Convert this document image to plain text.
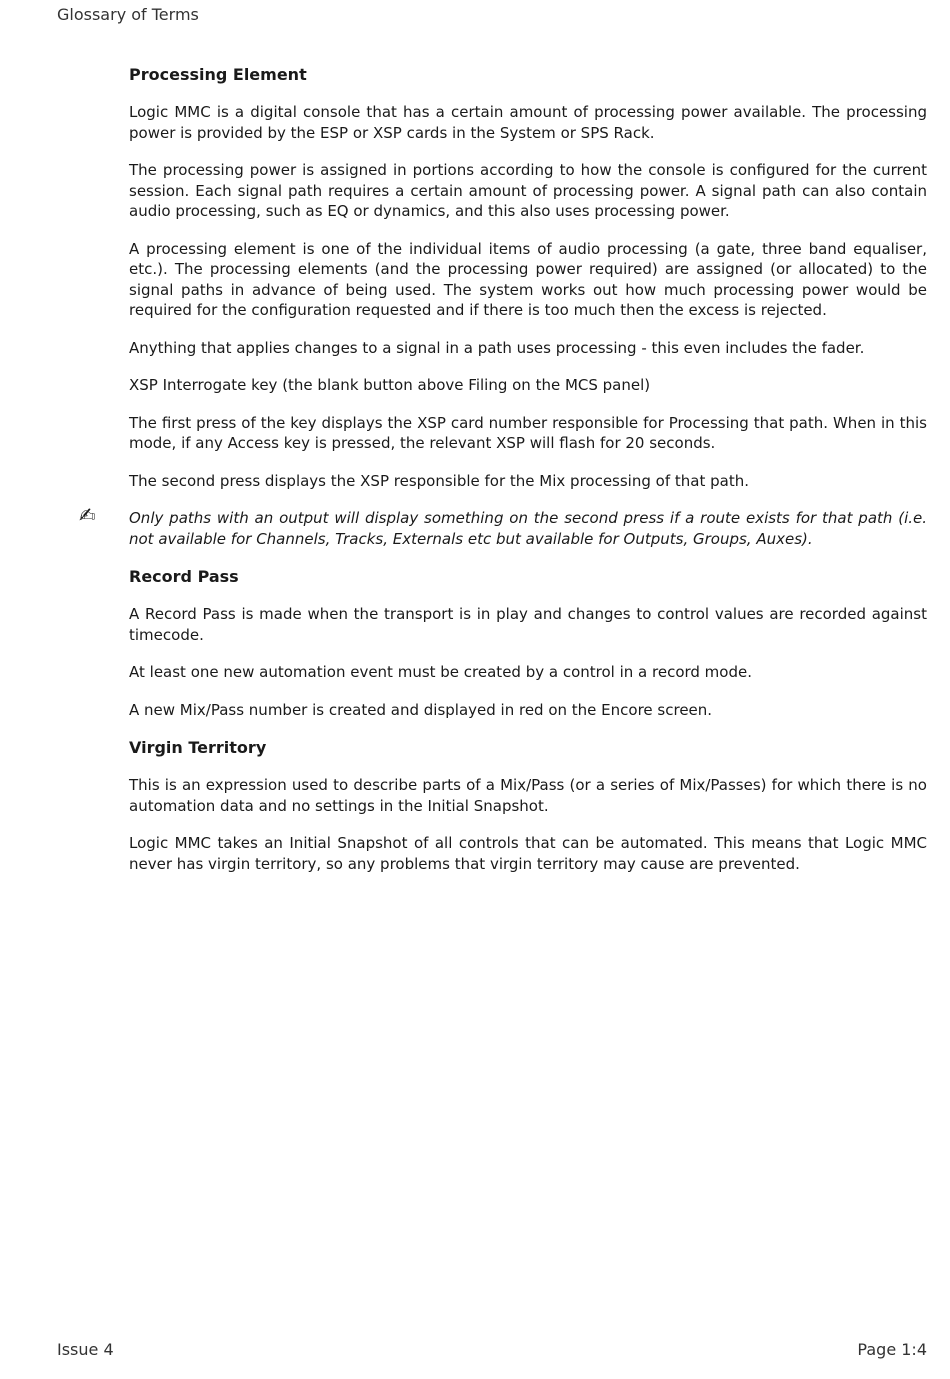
Glossary of Terms
Processing Element

Logic MMC is a digital console that has a certain amount of processing power available. The processing power is provided by the ESP or XSP cards in the System or SPS Rack.

The processing power is assigned in portions according to how the console is configured for the current session. Each signal path requires a certain amount of processing power. A signal path can also contain audio processing, such as EQ or dynamics, and this also uses processing power.

A processing element is one of the individual items of audio processing (a gate, three band equaliser, etc.). The processing elements (and the processing power required) are assigned (or allocated) to the signal paths in advance of being used. The system works out how much processing power would be required for the configuration requested and if there is too much then the excess is rejected.

Anything that applies changes to a signal in a path uses processing - this even includes the fader.

XSP Interrogate key (the blank button above Filing on the MCS panel)

The first press of the key displays the XSP card number responsible for Processing that path. When in this mode, if any Access key is pressed, the relevant XSP will flash for 20 seconds.

The second press displays the XSP responsible for the Mix processing of that path.

✍ Only paths with an output will display something on the second press if a route exists for that path (i.e. not available for Channels, Tracks, Externals etc but available for Outputs, Groups, Auxes).

Record Pass

A Record Pass is made when the transport is in play and changes to control values are recorded against timecode.

At least one new automation event must be created by a control in a record mode.

A new Mix/Pass number is created and displayed in red on the Encore screen.

Virgin Territory

This is an expression used to describe parts of a Mix/Pass (or a series of Mix/Passes) for which there is no automation data and no settings in the Initial Snapshot.

Logic MMC takes an Initial Snapshot of all controls that can be automated. This means that Logic MMC never has virgin territory, so any problems that virgin territory may cause are prevented.

Issue 4	Page 1:4
